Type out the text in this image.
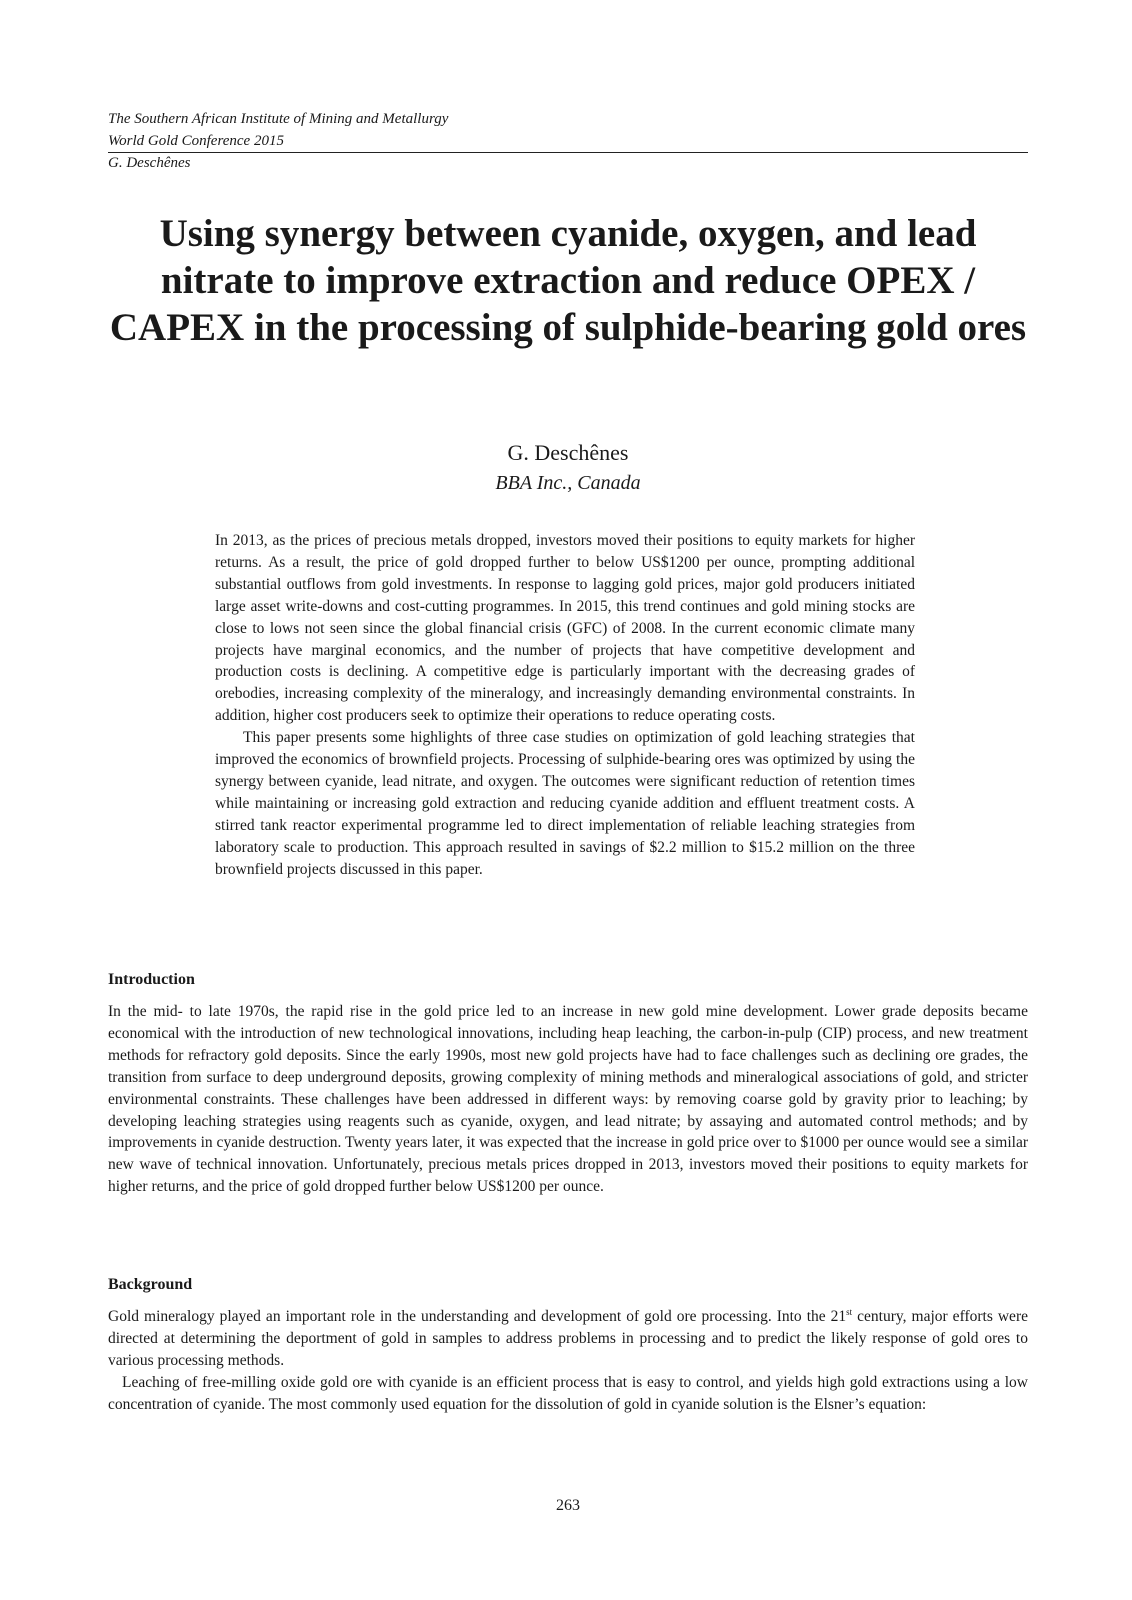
The Southern African Institute of Mining and Metallurgy
World Gold Conference 2015
G. Deschênes
Using synergy between cyanide, oxygen, and lead nitrate to improve extraction and reduce OPEX / CAPEX in the processing of sulphide-bearing gold ores
G. Deschênes
BBA Inc., Canada

In 2013, as the prices of precious metals dropped, investors moved their positions to equity markets for higher returns. As a result, the price of gold dropped further to below US$1200 per ounce, prompting additional substantial outflows from gold investments. In response to lagging gold prices, major gold producers initiated large asset write-downs and cost-cutting programmes. In 2015, this trend continues and gold mining stocks are close to lows not seen since the global financial crisis (GFC) of 2008. In the current economic climate many projects have marginal economics, and the number of projects that have competitive development and production costs is declining. A competitive edge is particularly important with the decreasing grades of orebodies, increasing complexity of the mineralogy, and increasingly demanding environmental constraints. In addition, higher cost producers seek to optimize their operations to reduce operating costs.

This paper presents some highlights of three case studies on optimization of gold leaching strategies that improved the economics of brownfield projects. Processing of sulphide-bearing ores was optimized by using the synergy between cyanide, lead nitrate, and oxygen. The outcomes were significant reduction of retention times while maintaining or increasing gold extraction and reducing cyanide addition and effluent treatment costs. A stirred tank reactor experimental programme led to direct implementation of reliable leaching strategies from laboratory scale to production. This approach resulted in savings of $2.2 million to $15.2 million on the three brownfield projects discussed in this paper.

Introduction

In the mid- to late 1970s, the rapid rise in the gold price led to an increase in new gold mine development. Lower grade deposits became economical with the introduction of new technological innovations, including heap leaching, the carbon-in-pulp (CIP) process, and new treatment methods for refractory gold deposits. Since the early 1990s, most new gold projects have had to face challenges such as declining ore grades, the transition from surface to deep underground deposits, growing complexity of mining methods and mineralogical associations of gold, and stricter environmental constraints. These challenges have been addressed in different ways: by removing coarse gold by gravity prior to leaching; by developing leaching strategies using reagents such as cyanide, oxygen, and lead nitrate; by assaying and automated control methods; and by improvements in cyanide destruction. Twenty years later, it was expected that the increase in gold price over to $1000 per ounce would see a similar new wave of technical innovation. Unfortunately, precious metals prices dropped in 2013, investors moved their positions to equity markets for higher returns, and the price of gold dropped further below US$1200 per ounce.

Background

Gold mineralogy played an important role in the understanding and development of gold ore processing. Into the 21st century, major efforts were directed at determining the deportment of gold in samples to address problems in processing and to predict the likely response of gold ores to various processing methods.

Leaching of free-milling oxide gold ore with cyanide is an efficient process that is easy to control, and yields high gold extractions using a low concentration of cyanide. The most commonly used equation for the dissolution of gold in cyanide solution is the Elsner’s equation:

263
